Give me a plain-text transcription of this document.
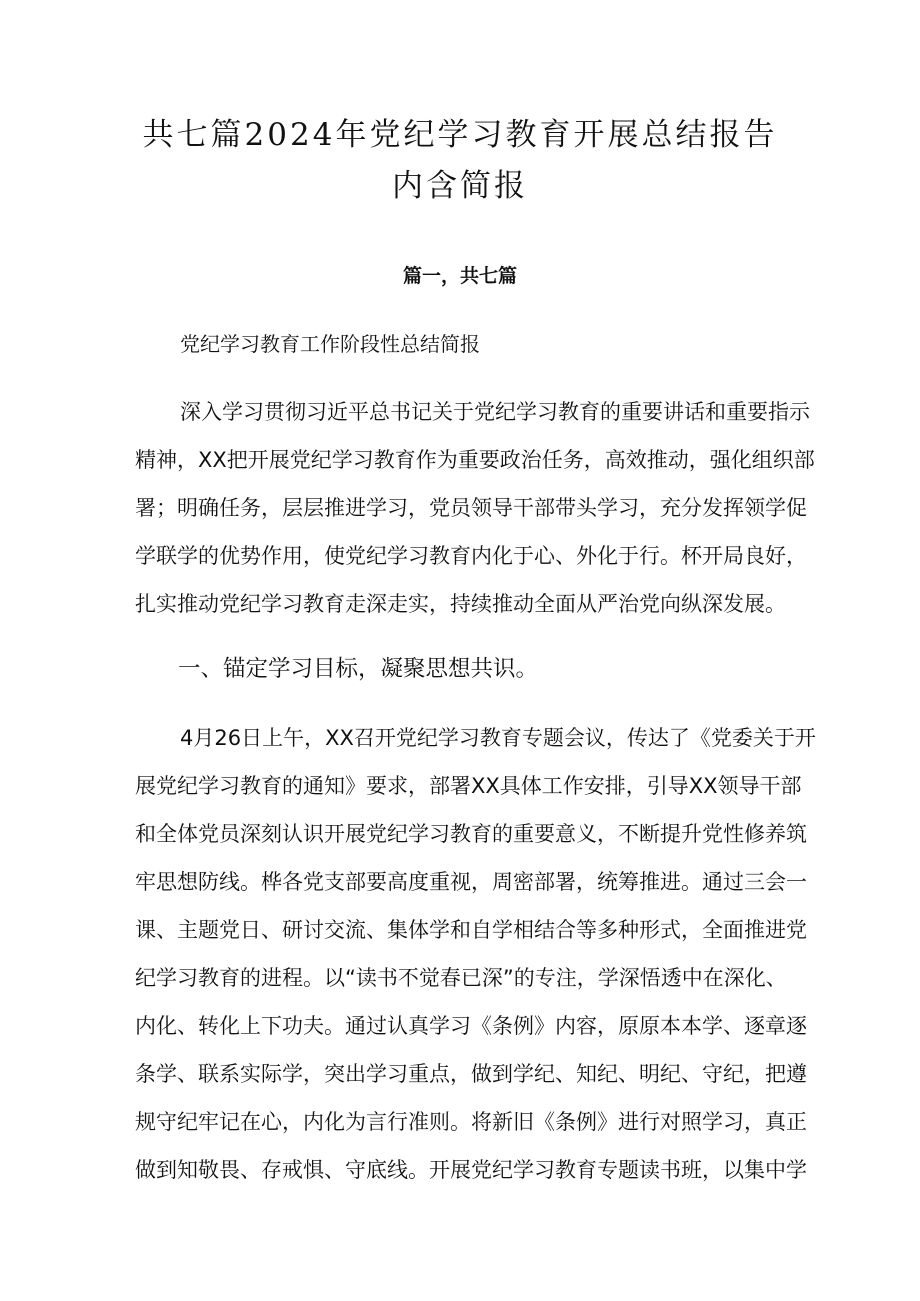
共七篇2024年党纪学习教育开展总结报告
内含简报
篇一，共七篇

党纪学习教育工作阶段性总结简报

深入学习贯彻习近平总书记关于党纪学习教育的重要讲话和重要指示

精神，XX把开展党纪学习教育作为重要政治任务，高效推动，强化组织部

署；明确任务，层层推进学习，党员领导干部带头学习，充分发挥领学促

学联学的优势作用，使党纪学习教育内化于心、外化于行。杯开局良好，

扎实推动党纪学习教育走深走实，持续推动全面从严治党向纵深发展。

一、锚定学习目标，凝聚思想共识。

4月26日上午，XX召开党纪学习教育专题会议，传达了《党委关于开

展党纪学习教育的通知》要求，部署XX具体工作安排，引导XX领导干部

和全体党员深刻认识开展党纪学习教育的重要意义，不断提升党性修养筑

牢思想防线。桦各党支部要高度重视，周密部署，统筹推进。通过三会一

课、主题党日、研讨交流、集体学和自学相结合等多种形式，全面推进党

纪学习教育的进程。以“读书不觉春已深”的专注，学深悟透中在深化、

内化、转化上下功夫。通过认真学习《条例》内容，原原本本学、逐章逐

条学、联系实际学，突出学习重点，做到学纪、知纪、明纪、守纪，把遵

规守纪牢记在心，内化为言行准则。将新旧《条例》进行对照学习，真正

做到知敬畏、存戒惧、守底线。开展党纪学习教育专题读书班，以集中学
